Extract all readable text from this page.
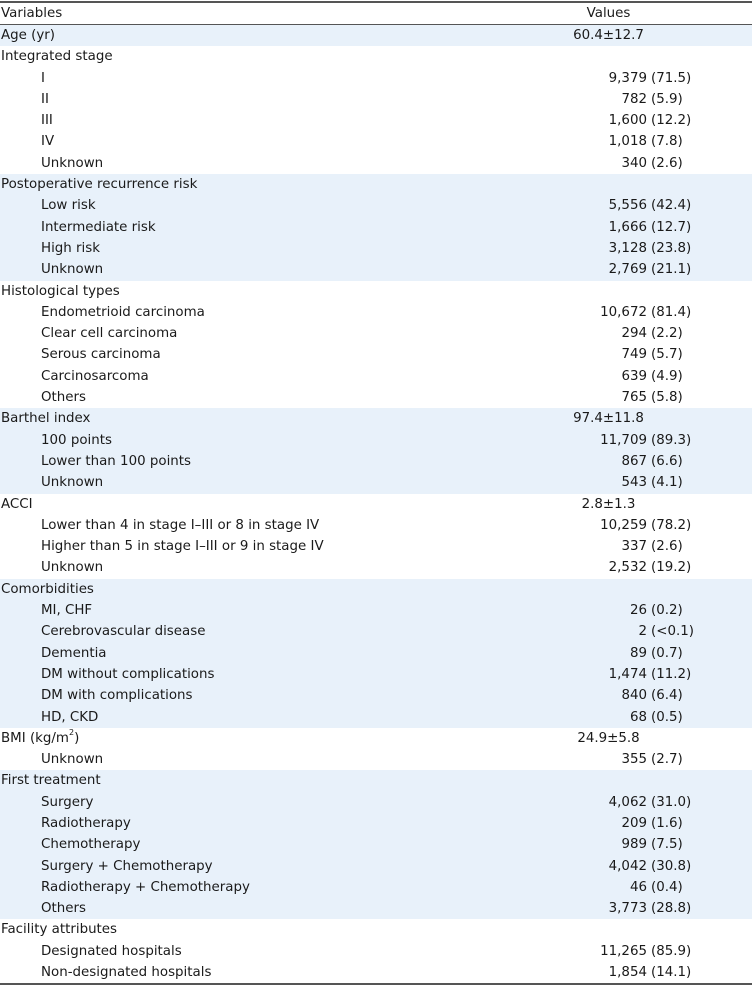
Variables	Values
Age (yr)	60.4±12.7
Integrated stage
I	9,379 (71.5)
II	782 (5.9)
III	1,600 (12.2)
IV	1,018 (7.8)
Unknown	340 (2.6)
Postoperative recurrence risk
Low risk	5,556 (42.4)
Intermediate risk	1,666 (12.7)
High risk	3,128 (23.8)
Unknown	2,769 (21.1)
Histological types
Endometrioid carcinoma	10,672 (81.4)
Clear cell carcinoma	294 (2.2)
Serous carcinoma	749 (5.7)
Carcinosarcoma	639 (4.9)
Others	765 (5.8)
Barthel index	97.4±11.8
100 points	11,709 (89.3)
Lower than 100 points	867 (6.6)
Unknown	543 (4.1)
ACCI	2.8±1.3
Lower than 4 in stage I–III or 8 in stage IV	10,259 (78.2)
Higher than 5 in stage I–III or 9 in stage IV	337 (2.6)
Unknown	2,532 (19.2)
Comorbidities
MI, CHF	26 (0.2)
Cerebrovascular disease	2 (<0.1)
Dementia	89 (0.7)
DM without complications	1,474 (11.2)
DM with complications	840 (6.4)
HD, CKD	68 (0.5)
BMI $(kg/m^2)$	24.9±5.8
Unknown	355 (2.7)
First treatment
Surgery	4,062 (31.0)
Radiotherapy	209 (1.6)
Chemotherapy	989 (7.5)
Surgery + Chemotherapy	4,042 (30.8)
Radiotherapy + Chemotherapy	46 (0.4)
Others	3,773 (28.8)
Facility attributes
Designated hospitals	11,265 (85.9)
Non-designated hospitals	1,854 (14.1)
